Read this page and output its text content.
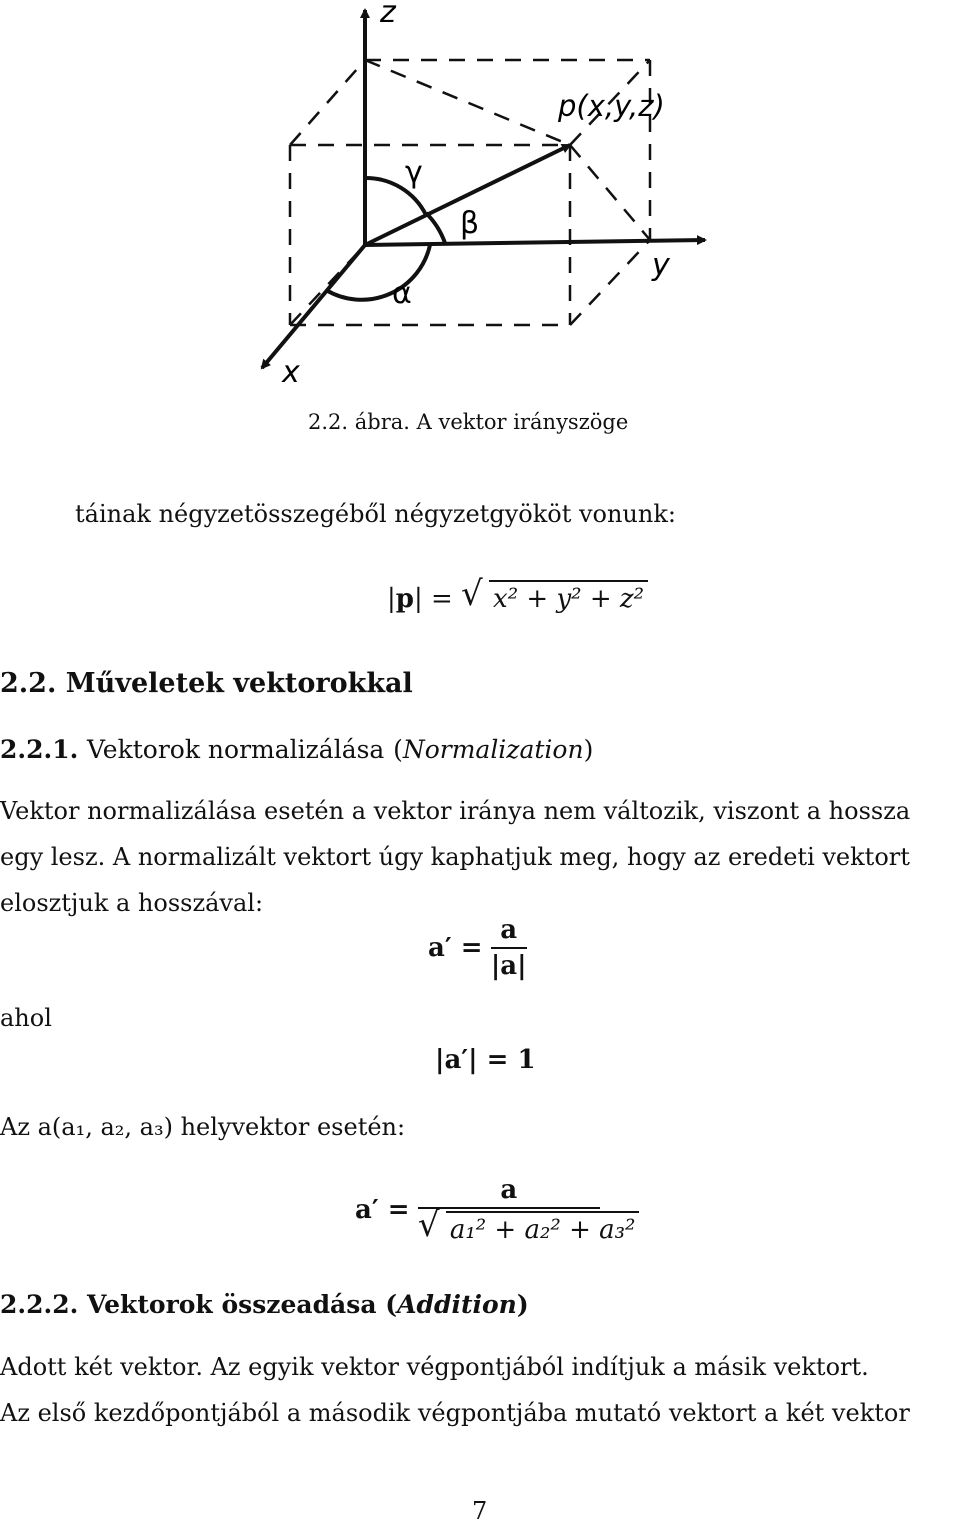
z
y
x
p(x,y,z)
γ
β
α
2.2. ábra. A vektor irányszöge
táinak négyzetösszegéből négyzetgyököt vonunk:
|p| = √ x² + y² + z²
2.2. Műveletek vektorokkal
2.2.1. Vektorok normalizálása (Normalization)
Vektor normalizálása esetén a vektor iránya nem változik, viszont a hossza
egy lesz. A normalizált vektort úgy kaphatjuk meg, hogy az eredeti vektort
elosztjuk a hosszával:
$a' = \frac{a}{|a|}$
ahol
|a′| = 1
Az a(a₁, a₂, a₃) helyvektor esetén:
$a' = \frac{a}{\text{√ a₁² + a₂² + a₃²}}$
2.2.2. Vektorok összeadása (Addition)
Adott két vektor. Az egyik vektor végpontjából indítjuk a másik vektort.
Az első kezdőpontjából a második végpontjába mutató vektort a két vektor
7
